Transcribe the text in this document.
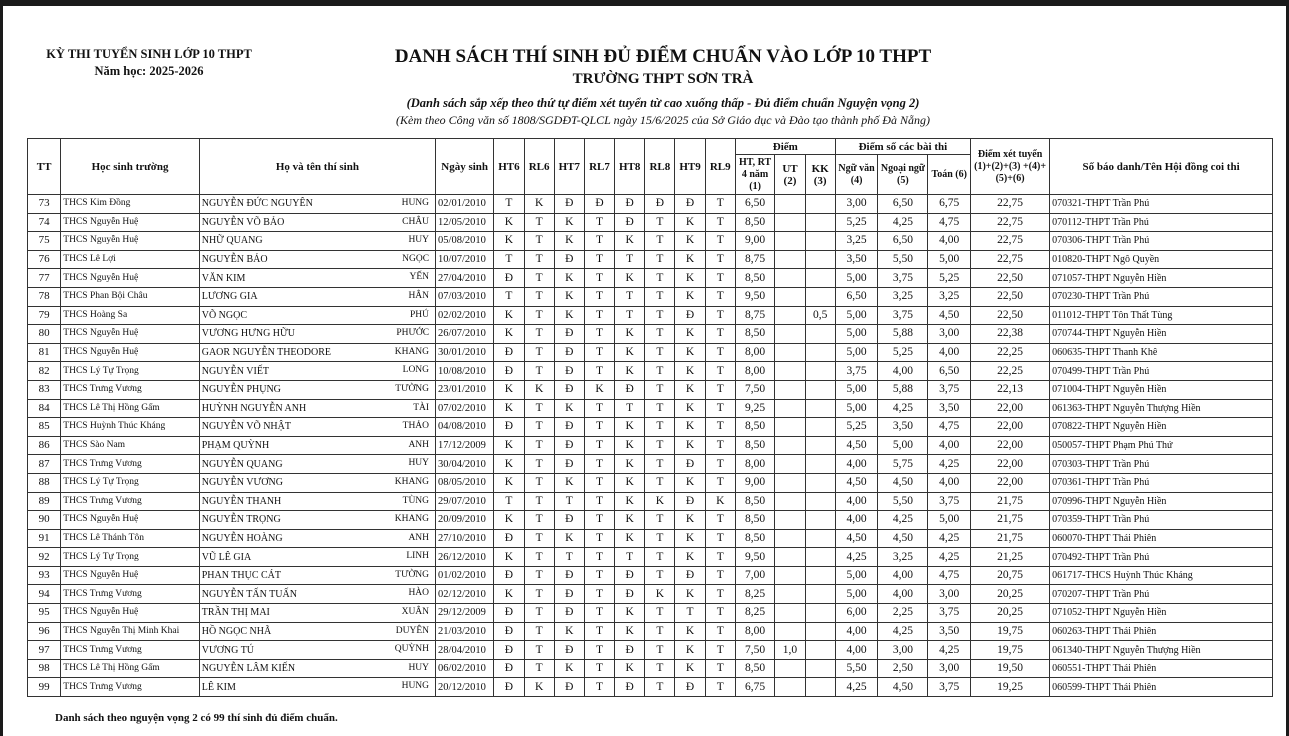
KỲ THI TUYỂN SINH LỚP 10 THPT
Năm học: 2025-2026
DANH SÁCH THÍ SINH ĐỦ ĐIỂM CHUẨN VÀO LỚP 10 THPT
TRƯỜNG THPT SƠN TRÀ
(Danh sách sắp xếp theo thứ tự điểm xét tuyển từ cao xuống thấp - Đủ điểm chuẩn Nguyện vọng 2)
(Kèm theo Công văn số 1808/SGDĐT-QLCL ngày 15/6/2025 của Sở Giáo dục và Đào tạo thành phố Đà Nẵng)
TT	Học sinh trường	Họ và tên thí sinh	Ngày sinh	HT6	RL6	HT7	RL7	HT8	RL8	HT9	RL9	Điểm			Điểm số các bài thi			Điểm xét tuyển (1)+(2)+(3) +(4)+(5)+(6)	Số báo danh/Tên Hội đồng coi thi
												HT, RT 4 năm (1)	UT (2)	KK (3)	Ngữ văn (4)	Ngoại ngữ (5)	Toán (6)		
73	THCS Kim Đồng	NGUYỄN ĐỨC NGUYÊN HUNG	02/01/2010	T	K	Đ	Đ	Đ	Đ	Đ	T	6,50			3,00	6,50	6,75	22,75	070321-THPT Trần Phú
74	THCS Nguyễn Huệ	NGUYỄN VÕ BẢO CHÂU	12/05/2010	K	T	K	T	Đ	T	K	T	8,50			5,25	4,25	4,75	22,75	070112-THPT Trần Phú
75	THCS Nguyễn Huệ	NHỮ QUANG HUY	05/08/2010	K	T	K	T	K	T	K	T	9,00			3,25	6,50	4,00	22,75	070306-THPT Trần Phú
76	THCS Lê Lợi	NGUYỄN BẢO NGỌC	10/07/2010	T	T	Đ	T	T	T	K	T	8,75			3,50	5,50	5,00	22,75	010820-THPT Ngô Quyền
77	THCS Nguyễn Huệ	VĂN KIM YẾN	27/04/2010	Đ	T	K	T	K	T	K	T	8,50			5,00	3,75	5,25	22,50	071057-THPT Nguyễn Hiền
78	THCS Phan Bội Châu	LƯƠNG GIA HÂN	07/03/2010	T	T	K	T	T	T	K	T	9,50			6,50	3,25	3,25	22,50	070230-THPT Trần Phú
79	THCS Hoàng Sa	VÕ NGỌC PHÚ	02/02/2010	K	T	K	T	T	T	Đ	T	8,75		0,5	5,00	3,75	4,50	22,50	011012-THPT Tôn Thất Tùng
80	THCS Nguyễn Huệ	VƯƠNG HƯNG HỮU PHƯỚC	26/07/2010	K	T	Đ	T	K	T	K	T	8,50			5,00	5,88	3,00	22,38	070744-THPT Nguyễn Hiền
81	THCS Nguyễn Huệ	GAOR NGUYỄN THEODORE KHANG	30/01/2010	Đ	T	Đ	T	K	T	K	T	8,00			5,00	5,25	4,00	22,25	060635-THPT Thanh Khê
82	THCS Lý Tự Trọng	NGUYỄN VIẾT LONG	10/08/2010	Đ	T	Đ	T	K	T	K	T	8,00			3,75	4,00	6,50	22,25	070499-THPT Trần Phú
83	THCS Trưng Vương	NGUYỄN PHỤNG TƯỜNG	23/01/2010	K	K	Đ	K	Đ	T	K	T	7,50			5,00	5,88	3,75	22,13	071004-THPT Nguyễn Hiền
84	THCS Lê Thị Hồng Gấm	HUỲNH NGUYỄN ANH TÀI	07/02/2010	K	T	K	T	T	T	K	T	9,25			5,00	4,25	3,50	22,00	061363-THPT Nguyễn Thượng Hiền
85	THCS Huỳnh Thúc Kháng	NGUYỄN VÕ NHẬT THẢO	04/08/2010	Đ	T	Đ	T	K	T	K	T	8,50			5,25	3,50	4,75	22,00	070822-THPT Nguyễn Hiền
86	THCS Sào Nam	PHẠM QUỲNH ANH	17/12/2009	K	T	Đ	T	K	T	K	T	8,50			4,50	5,00	4,00	22,00	050057-THPT Phạm Phú Thứ
87	THCS Trưng Vương	NGUYỄN QUANG HUY	30/04/2010	K	T	Đ	T	K	T	Đ	T	8,00			4,00	5,75	4,25	22,00	070303-THPT Trần Phú
88	THCS Lý Tự Trọng	NGUYỄN VƯƠNG KHANG	08/05/2010	K	T	K	T	K	T	K	T	9,00			4,50	4,50	4,00	22,00	070361-THPT Trần Phú
89	THCS Trưng Vương	NGUYỄN THANH TÙNG	29/07/2010	T	T	T	T	K	K	Đ	K	8,50			4,00	5,50	3,75	21,75	070996-THPT Nguyễn Hiền
90	THCS Nguyễn Huệ	NGUYỄN TRỌNG KHANG	20/09/2010	K	T	Đ	T	K	T	K	T	8,50			4,00	4,25	5,00	21,75	070359-THPT Trần Phú
91	THCS Lê Thánh Tôn	NGUYỄN HOÀNG ANH	27/10/2010	Đ	T	K	T	K	T	K	T	8,50			4,50	4,50	4,25	21,75	060070-THPT Thái Phiên
92	THCS Lý Tự Trọng	VŨ LÊ GIA LINH	26/12/2010	K	T	T	T	T	T	K	T	9,50			4,25	3,25	4,25	21,25	070492-THPT Trần Phú
93	THCS Nguyễn Huệ	PHAN THỤC CÁT TƯỜNG	01/02/2010	Đ	T	Đ	T	Đ	T	Đ	T	7,00			5,00	4,00	4,75	20,75	061717-THCS Huỳnh Thúc Kháng
94	THCS Trưng Vương	NGUYỄN TẤN TUẤN HÀO	02/12/2010	K	T	Đ	T	Đ	K	K	T	8,25			5,00	4,00	3,00	20,25	070207-THPT Trần Phú
95	THCS Nguyễn Huệ	TRẦN THỊ MAI XUÂN	29/12/2009	Đ	T	Đ	T	K	T	T	T	8,25			6,00	2,25	3,75	20,25	071052-THPT Nguyễn Hiền
96	THCS Nguyễn Thị Minh Khai	HỒ NGỌC NHÃ DUYÊN	21/03/2010	Đ	T	K	T	K	T	K	T	8,00			4,00	4,25	3,50	19,75	060263-THPT Thái Phiên
97	THCS Trưng Vương	VƯƠNG TÚ QUỲNH	28/04/2010	Đ	T	Đ	T	Đ	T	K	T	7,50	1,0		4,00	3,00	4,25	19,75	061340-THPT Nguyễn Thượng Hiền
98	THCS Lê Thị Hồng Gấm	NGUYỄN LÂM KIẾN HUY	06/02/2010	Đ	T	K	T	K	T	K	T	8,50			5,50	2,50	3,00	19,50	060551-THPT Thái Phiên
99	THCS Trưng Vương	LÊ KIM HUNG	20/12/2010	Đ	K	Đ	T	Đ	T	Đ	T	6,75			4,25	4,50	3,75	19,25	060599-THPT Thái Phiên
Danh sách theo nguyện vọng 2 có 99 thí sinh đủ điểm chuẩn.
